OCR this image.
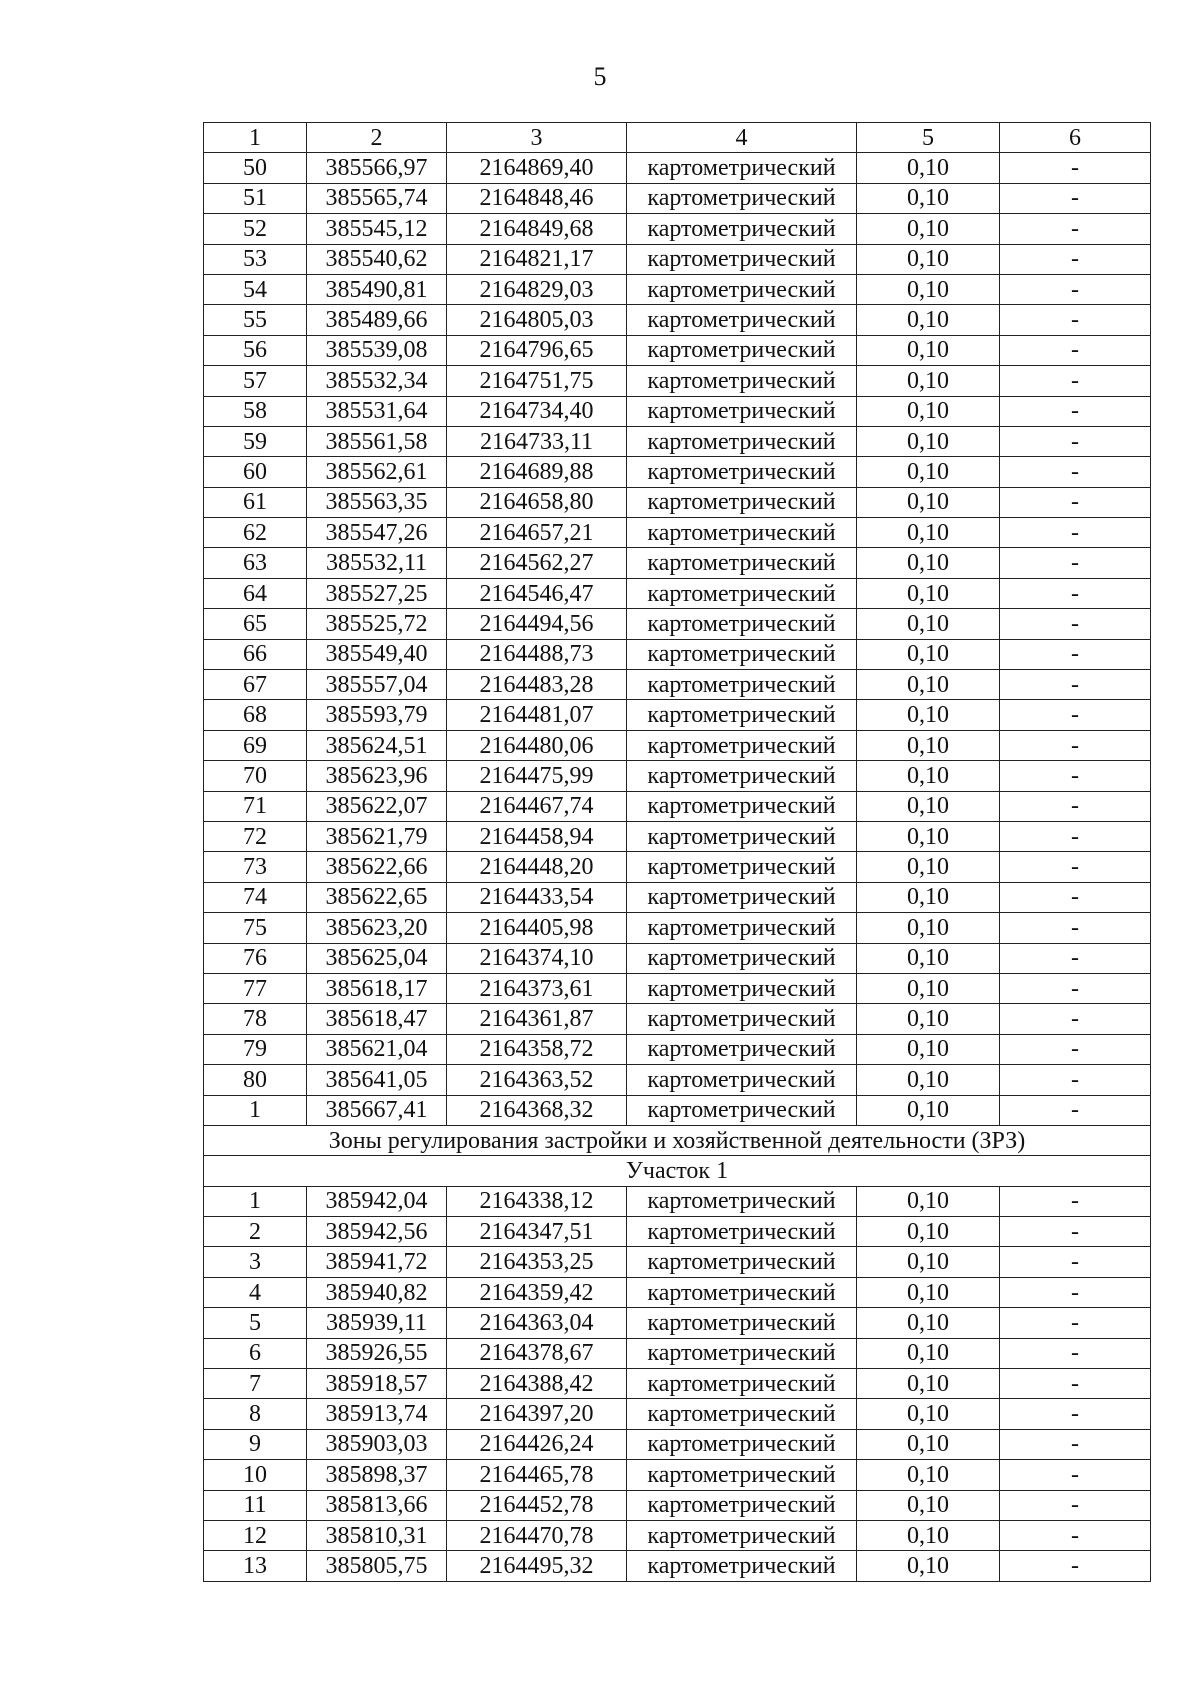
5
1	2	3	4	5	6
50	385566,97	2164869,40	картометрический	0,10	-
51	385565,74	2164848,46	картометрический	0,10	-
52	385545,12	2164849,68	картометрический	0,10	-
53	385540,62	2164821,17	картометрический	0,10	-
54	385490,81	2164829,03	картометрический	0,10	-
55	385489,66	2164805,03	картометрический	0,10	-
56	385539,08	2164796,65	картометрический	0,10	-
57	385532,34	2164751,75	картометрический	0,10	-
58	385531,64	2164734,40	картометрический	0,10	-
59	385561,58	2164733,11	картометрический	0,10	-
60	385562,61	2164689,88	картометрический	0,10	-
61	385563,35	2164658,80	картометрический	0,10	-
62	385547,26	2164657,21	картометрический	0,10	-
63	385532,11	2164562,27	картометрический	0,10	-
64	385527,25	2164546,47	картометрический	0,10	-
65	385525,72	2164494,56	картометрический	0,10	-
66	385549,40	2164488,73	картометрический	0,10	-
67	385557,04	2164483,28	картометрический	0,10	-
68	385593,79	2164481,07	картометрический	0,10	-
69	385624,51	2164480,06	картометрический	0,10	-
70	385623,96	2164475,99	картометрический	0,10	-
71	385622,07	2164467,74	картометрический	0,10	-
72	385621,79	2164458,94	картометрический	0,10	-
73	385622,66	2164448,20	картометрический	0,10	-
74	385622,65	2164433,54	картометрический	0,10	-
75	385623,20	2164405,98	картометрический	0,10	-
76	385625,04	2164374,10	картометрический	0,10	-
77	385618,17	2164373,61	картометрический	0,10	-
78	385618,47	2164361,87	картометрический	0,10	-
79	385621,04	2164358,72	картометрический	0,10	-
80	385641,05	2164363,52	картометрический	0,10	-
1	385667,41	2164368,32	картометрический	0,10	-
Зоны регулирования застройки и хозяйственной деятельности (ЗРЗ)					
Участок 1					
1	385942,04	2164338,12	картометрический	0,10	-
2	385942,56	2164347,51	картометрический	0,10	-
3	385941,72	2164353,25	картометрический	0,10	-
4	385940,82	2164359,42	картометрический	0,10	-
5	385939,11	2164363,04	картометрический	0,10	-
6	385926,55	2164378,67	картометрический	0,10	-
7	385918,57	2164388,42	картометрический	0,10	-
8	385913,74	2164397,20	картометрический	0,10	-
9	385903,03	2164426,24	картометрический	0,10	-
10	385898,37	2164465,78	картометрический	0,10	-
11	385813,66	2164452,78	картометрический	0,10	-
12	385810,31	2164470,78	картометрический	0,10	-
13	385805,75	2164495,32	картометрический	0,10	-
